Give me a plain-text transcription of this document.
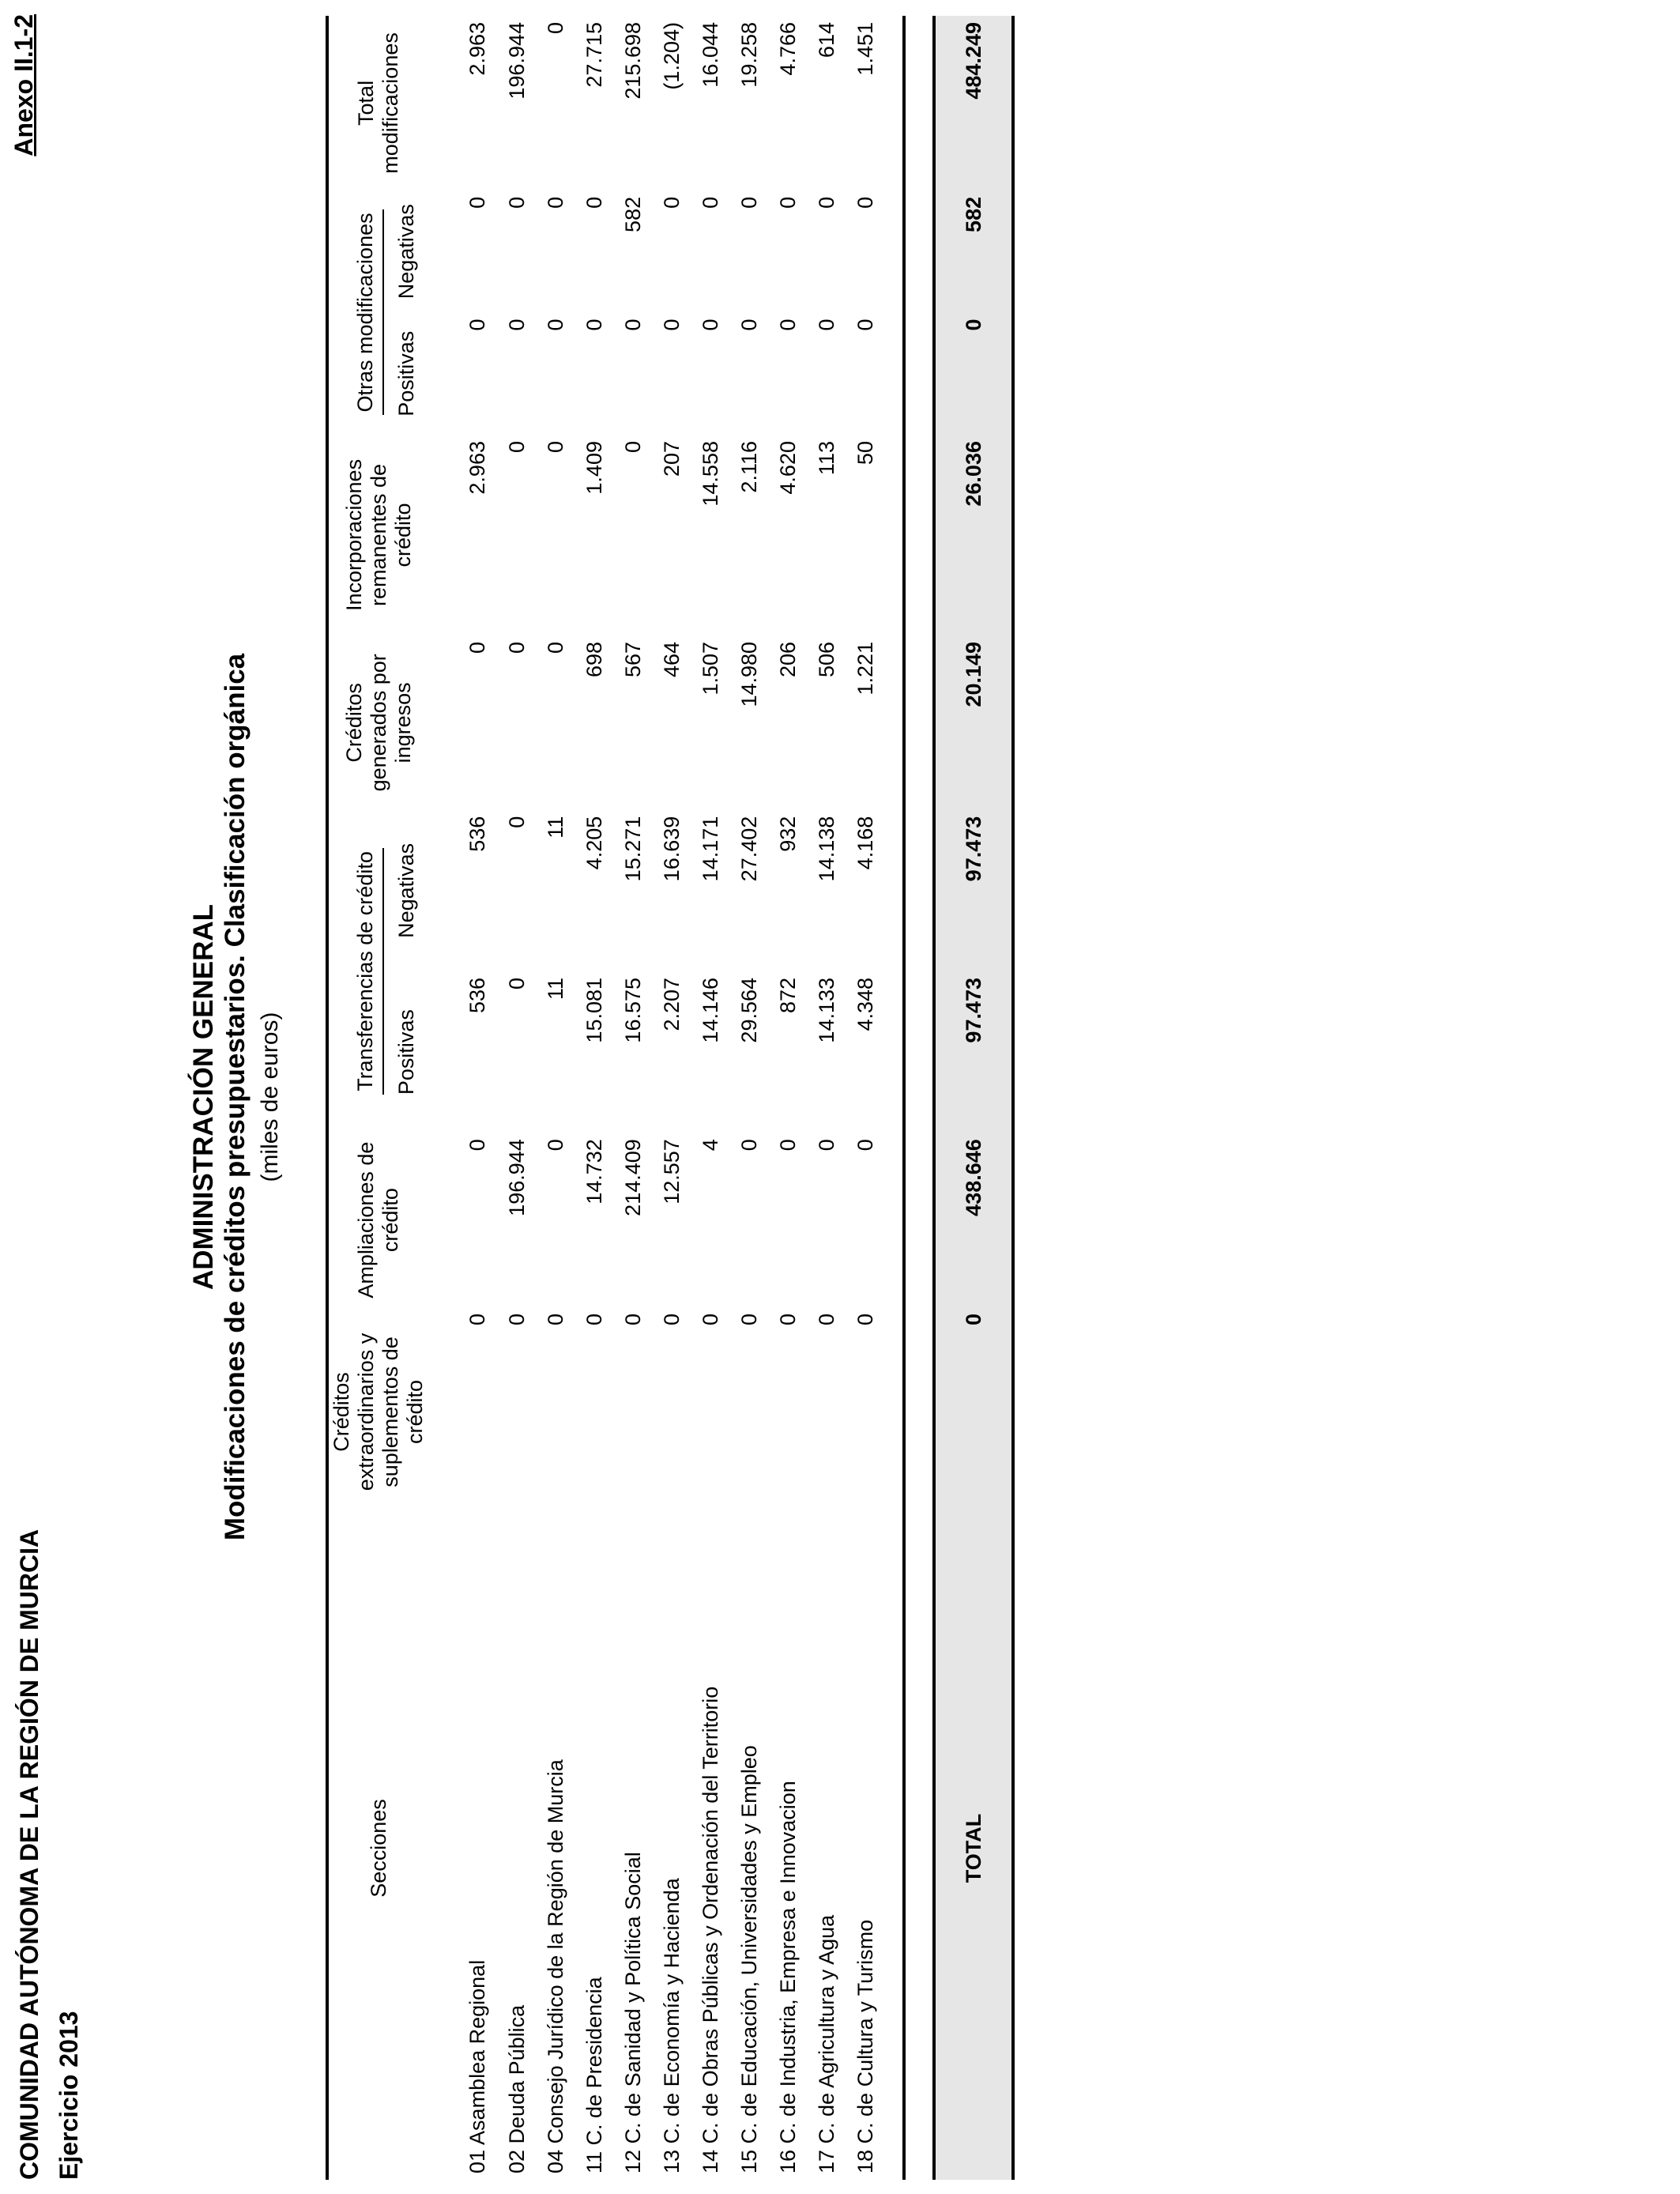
COMUNIDAD AUTÓNOMA DE LA REGIÓN DE MURCIA Ejercicio 2013
Anexo II.1-2
ADMINISTRACIÓN GENERAL Modificaciones de créditos presupuestarios. Clasificación orgánica (miles de euros)
Secciones	Créditos extraordinarios y suplementos de crédito	Ampliaciones de crédito	Transferencias de crédito		Créditos generados por ingresos	Incorporaciones remanentes de crédito	Otras modificaciones		Total modificaciones
			Positivas	Negativas			Positivas	Negativas	
01 Asamblea Regional	0	0	536	536	0	2.963	0	0	2.963
02 Deuda Pública	0	196.944	0	0	0	0	0	0	196.944
04 Consejo Jurídico de la Región de Murcia	0	0	11	11	0	0	0	0	0
11 C. de Presidencia	0	14.732	15.081	4.205	698	1.409	0	0	27.715
12 C. de Sanidad y Política Social	0	214.409	16.575	15.271	567	0	0	582	215.698
13 C. de Economía y Hacienda	0	12.557	2.207	16.639	464	207	0	0	(1.204)
14 C. de Obras Públicas y Ordenación del Territorio	0	4	14.146	14.171	1.507	14.558	0	0	16.044
15 C. de Educación, Universidades y Empleo	0	0	29.564	27.402	14.980	2.116	0	0	19.258
16 C. de Industria, Empresa e Innovacion	0	0	872	932	206	4.620	0	0	4.766
17 C. de Agricultura y Agua	0	0	14.133	14.138	506	113	0	0	614
18 C. de Cultura y Turismo	0	0	4.348	4.168	1.221	50	0	0	1.451

TOTAL	0	438.646	97.473	97.473	20.149	26.036	0	582	484.249
